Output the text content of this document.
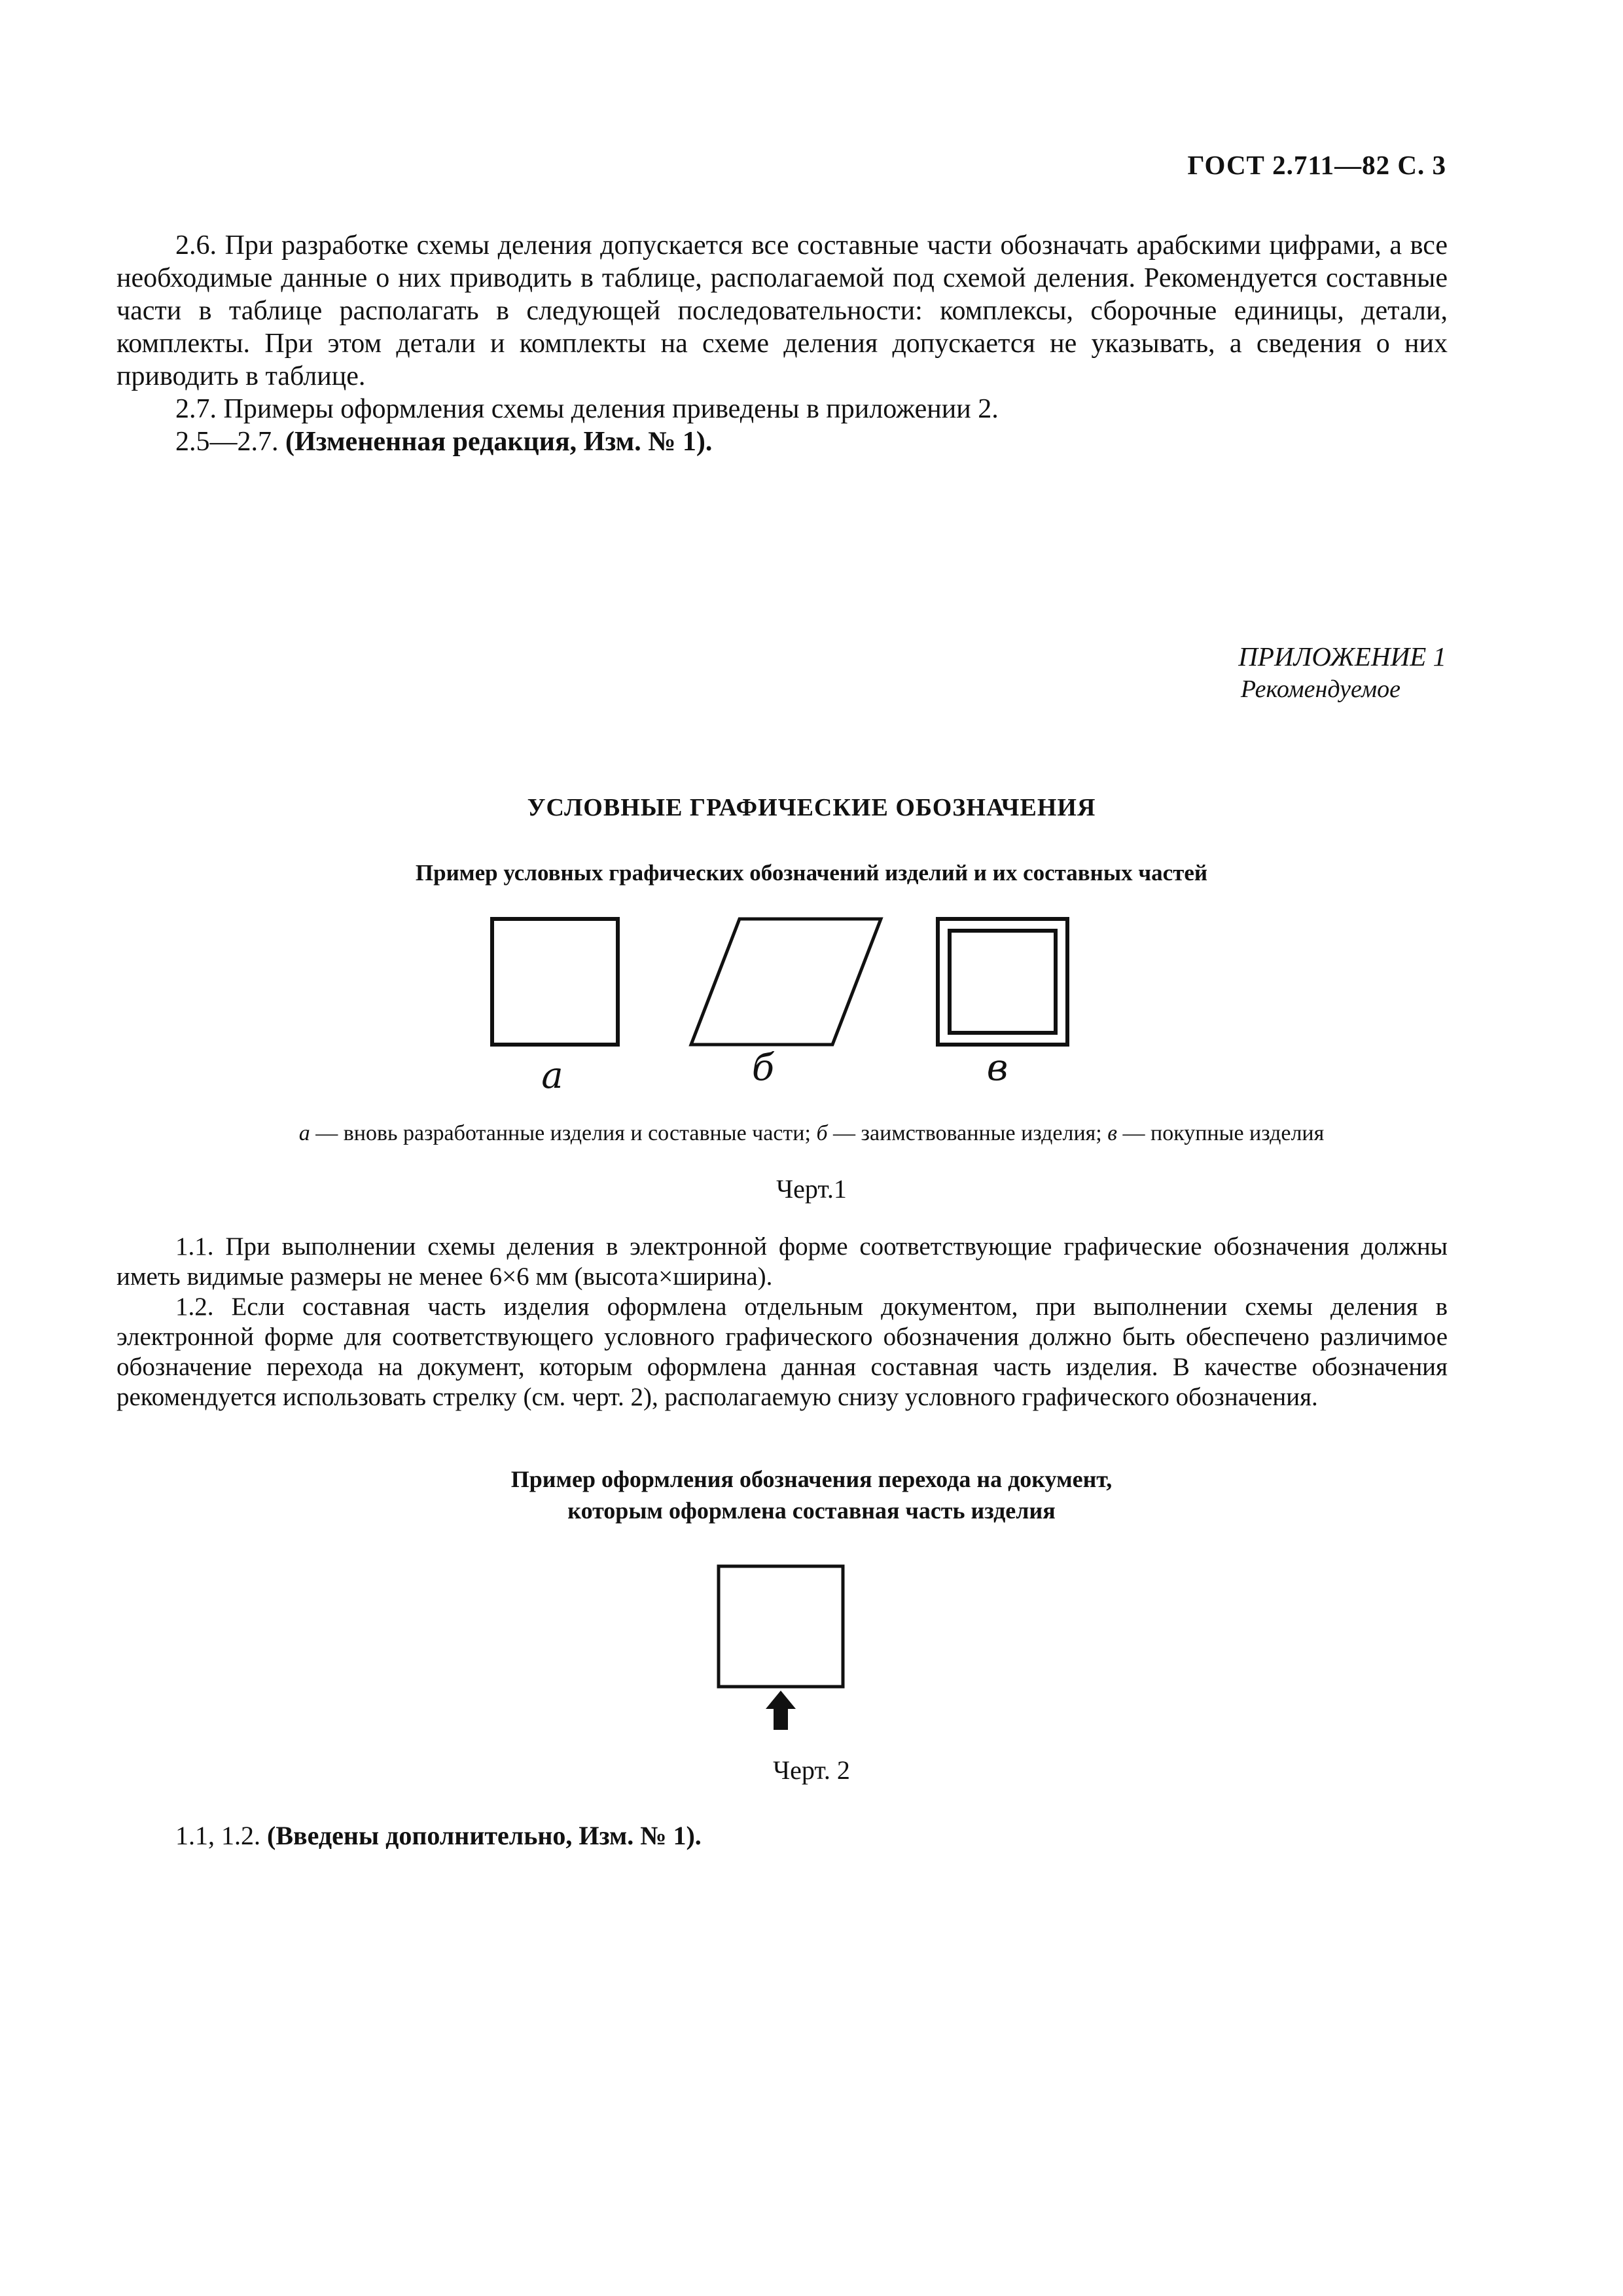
ГОСТ 2.711—82 С. 3

2.6. При разработке схемы деления допускается все составные части обозначать арабскими цифрами, а все необходимые данные о них приводить в таблице, располагаемой под схемой деления. Рекомендуется составные части в таблице располагать в следующей последовательности: комплексы, сборочные единицы, детали, комплекты. При этом детали и комплекты на схеме деления допускается не указывать, а сведения о них приводить в таблице.

2.7. Примеры оформления схемы деления приведены в приложении 2.

2.5—2.7. (Измененная редакция, Изм. № 1).

ПРИЛОЖЕНИЕ 1
Рекомендуемое
УСЛОВНЫЕ ГРАФИЧЕСКИЕ ОБОЗНАЧЕНИЯ
Пример условных графических обозначений изделий и их составных частей
а	б	в
а — вновь разработанные изделия и составные части; б — заимствованные изделия; в — покупные изделия
Черт.1

1.1. При выполнении схемы деления в электронной форме соответствующие графические обозначения должны иметь видимые размеры не менее 6×6 мм (высота×ширина).

1.2. Если составная часть изделия оформлена отдельным документом, при выполнении схемы деления в электронной форме для соответствующего условного графического обозначения должно быть обеспечено различимое обозначение перехода на документ, которым оформлена данная составная часть изделия. В качестве обозначения рекомендуется использовать стрелку (см. черт. 2), располагаемую снизу условного графического обозначения.

Пример оформления обозначения перехода на документ,
которым оформлена составная часть изделия
Черт. 2

1.1, 1.2. (Введены дополнительно, Изм. № 1).
